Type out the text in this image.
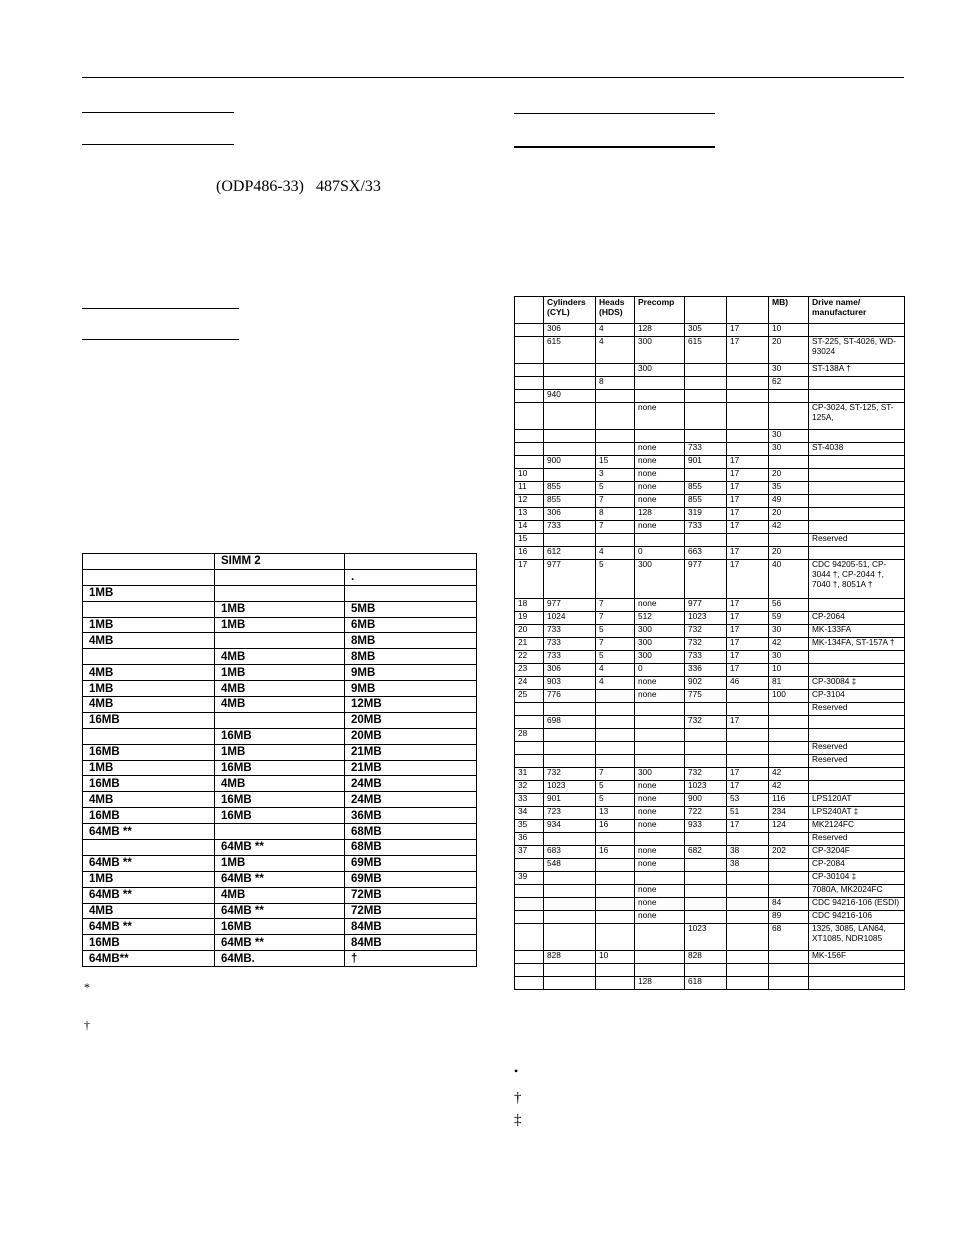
(ODP486-33) 487SX/33
	SIMM 2	
		.
1MB		
	1MB	5MB
1MB	1MB	6MB
4MB		8MB
	4MB	8MB
4MB	1MB	9MB
1MB	4MB	9MB
4MB	4MB	12MB
16MB		20MB
	16MB	20MB
16MB	1MB	21MB
1MB	16MB	21MB
16MB	4MB	24MB
4MB	16MB	24MB
16MB	16MB	36MB
64MB **		68MB
	64MB **	68MB
64MB **	1MB	69MB
1MB	64MB **	69MB
64MB **	4MB	72MB
4MB	64MB **	72MB
64MB **	16MB	84MB
16MB	64MB **	84MB
64MB**	64MB.	†
*
†
	Cylinders (CYL)	Heads (HDS)	Precomp			MB)	Drive name/ manufacturer
	306	4	128	305	17	10	
	615	4	300	615	17	20	ST-225, ST-4026, WD-93024
			300			30	ST-138A †
		8				62	
	940						
			none				CP-3024, ST-125, ST-125A,
						30	
			none	733		30	ST-4038
	900	15	none	901	17		
10		3	none		17	20	
11	855	5	none	855	17	35	
12	855	7	none	855	17	49	
13	306	8	128	319	17	20	
14	733	7	none	733	17	42	
15							Reserved
16	612	4	0	663	17	20	
17	977	5	300	977	17	40	CDC 94205-51, CP-3044 †, CP-2044 †, 7040 †, 8051A †
18	977	7	none	977	17	56	
19	1024	7	512	1023	17	59	CP-2064
20	733	5	300	732	17	30	MK-133FA
21	733	7	300	732	17	42	MK-134FA, ST-157A †
22	733	5	300	733	17	30	
23	306	4	0	336	17	10	
24	903	4	none	902	46	81	CP-30084 ‡
25	776		none	775		100	CP-3104
							Reserved
	698			732	17		
28							
							Reserved
							Reserved
31	732	7	300	732	17	42	
32	1023	5	none	1023	17	42	
33	901	5	none	900	53	116	LPS120AT
34	723	13	none	722	51	234	LPS240AT ‡
35	934	16	none	933	17	124	MK2124FC
36							Reserved
37	683	16	none	682	38	202	CP-3204F
	548		none		38		CP-2084
39							CP-30104 ‡
			none				7080A, MK2024FC
			none			84	CDC 94216-106 (ESDI)
			none			89	CDC 94216-106
				1023		68	1325, 3085, LAN64, XT1085, NDR1085
	828	10		828			MK-156F

			128	618			
•
†
‡
